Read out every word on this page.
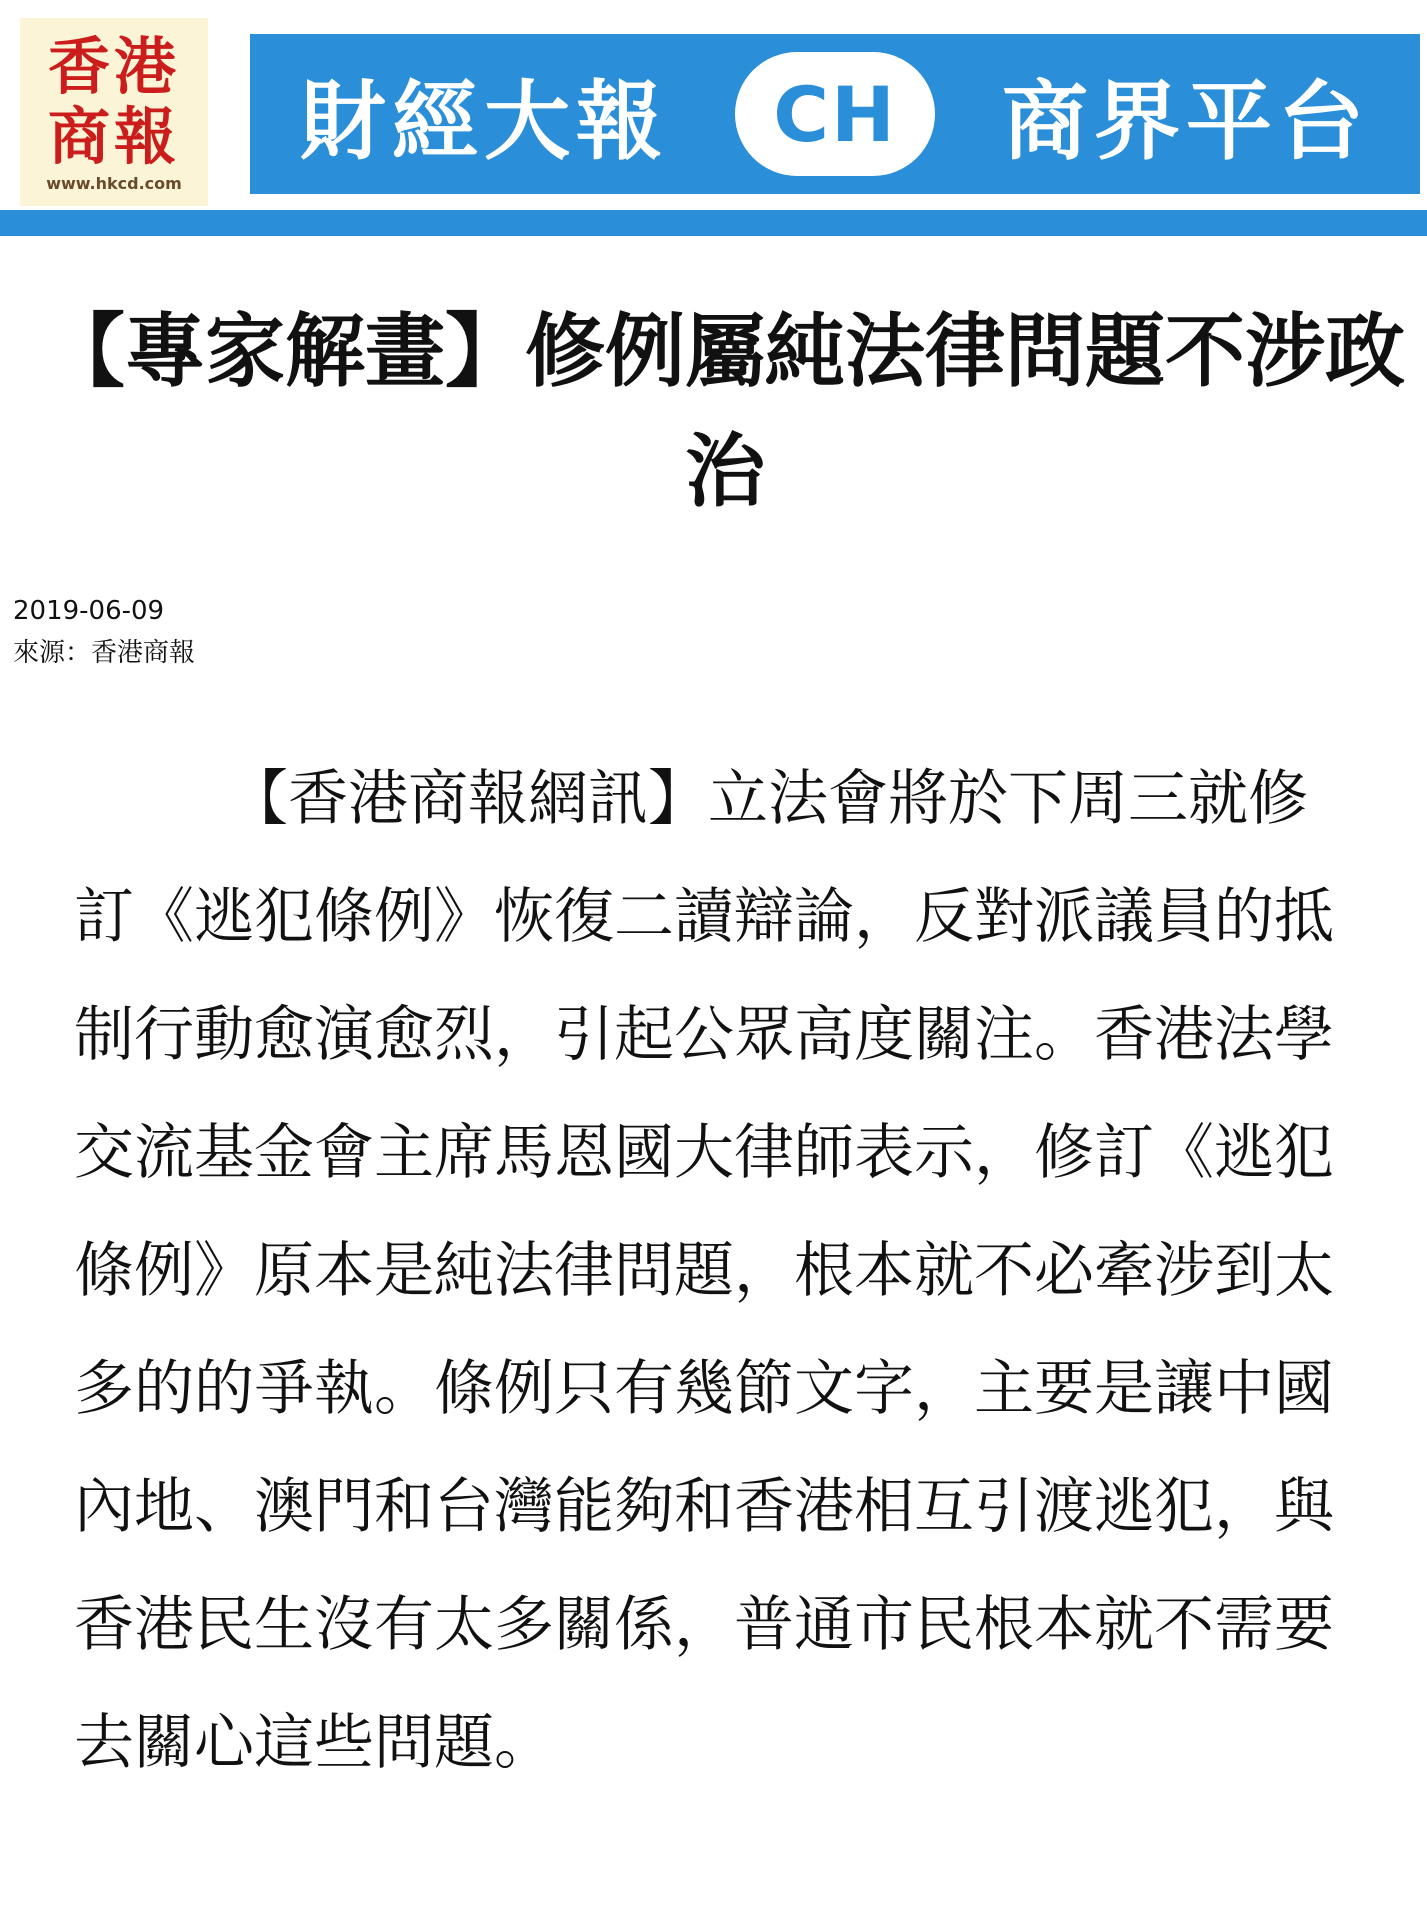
香港
商報
www.hkcd.com
財經大報 CH 商界平台
【專家解畫】修例屬純法律問題不涉政治
2019-06-09
來源：香港商報

【香港商報網訊】立法會將於下周三就修訂《逃犯條例》恢復二讀辯論，反對派議員的抵制行動愈演愈烈，引起公眾高度關注。香港法學交流基金會主席馬恩國大律師表示，修訂《逃犯條例》原本是純法律問題，根本就不必牽涉到太多的的爭執。條例只有幾節文字，主要是讓中國內地、澳門和台灣能夠和香港相互引渡逃犯，與香港民生沒有太多關係，普通市民根本就不需要去關心這些問題。
